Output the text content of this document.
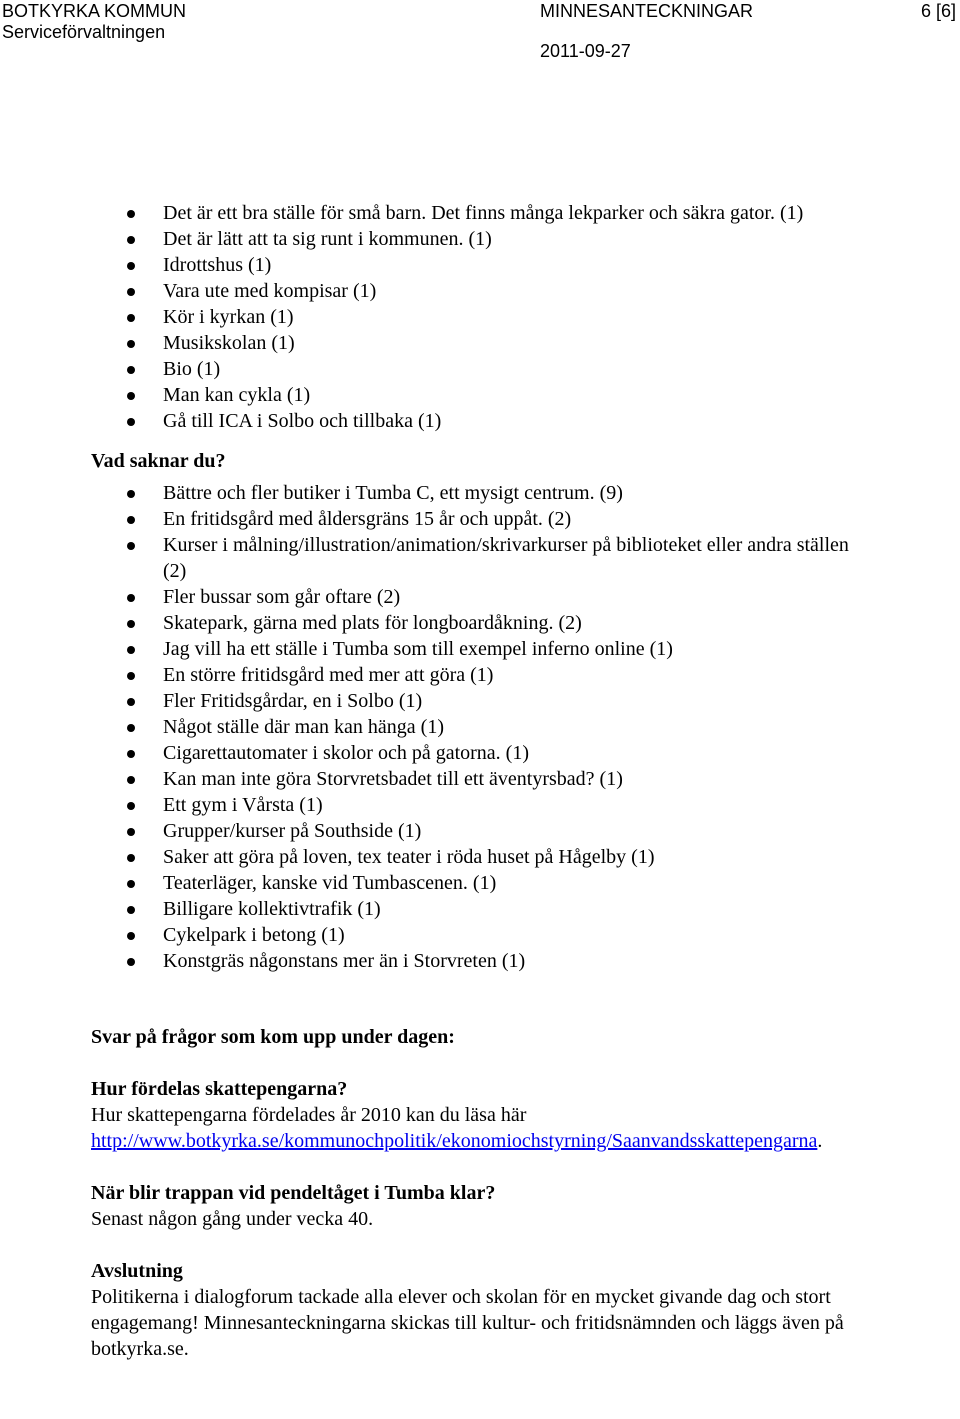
BOTKYRKA KOMMUN
Serviceförvaltningen
MINNESANTECKNINGAR	6 [6]
2011-09-27
Det är ett bra ställe för små barn. Det finns många lekparker och säkra gator. (1)
Det är lätt att ta sig runt i kommunen. (1)
Idrottshus (1)
Vara ute med kompisar (1)
Kör i kyrkan (1)
Musikskolan (1)
Bio (1)
Man kan cykla (1)
Gå till ICA i Solbo och tillbaka (1)

Vad saknar du?

Bättre och fler butiker i Tumba C, ett mysigt centrum. (9)
En fritidsgård med åldersgräns 15 år och uppåt. (2)
Kurser i målning/illustration/animation/skrivarkurser på biblioteket eller andra ställen (2)
Fler bussar som går oftare (2)
Skatepark, gärna med plats för longboardåkning. (2)
Jag vill ha ett ställe i Tumba som till exempel inferno online (1)
En större fritidsgård med mer att göra (1)
Fler Fritidsgårdar, en i Solbo (1)
Något ställe där man kan hänga (1)
Cigarettautomater i skolor och på gatorna. (1)
Kan man inte göra Storvretsbadet till ett äventyrsbad? (1)
Ett gym i Vårsta (1)
Grupper/kurser på Southside (1)
Saker att göra på loven, tex teater i röda huset på Hågelby (1)
Teaterläger, kanske vid Tumbascenen. (1)
Billigare kollektivtrafik (1)
Cykelpark i betong (1)
Konstgräs någonstans mer än i Storvreten (1)

Svar på frågor som kom upp under dagen:

Hur fördelas skattepengarna?

Hur skattepengarna fördelades år 2010 kan du läsa här

http://www.botkyrka.se/kommunochpolitik/ekonomiochstyrning/Saanvandsskattepengarna.

När blir trappan vid pendeltåget i Tumba klar?

Senast någon gång under vecka 40.

Avslutning

Politikerna i dialogforum tackade alla elever och skolan för en mycket givande dag och stort engagemang! Minnesanteckningarna skickas till kultur- och fritidsnämnden och läggs även på botkyrka.se.
